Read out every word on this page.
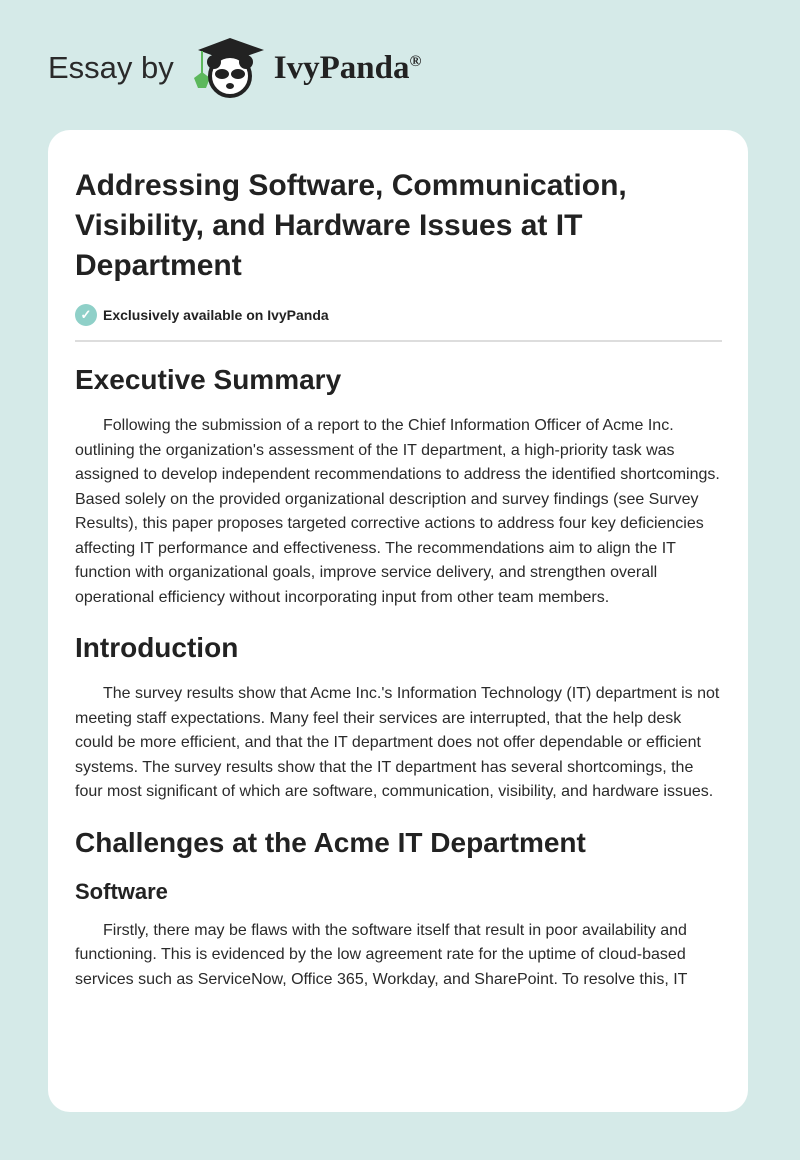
Essay by	IvyPanda®
Addressing Software, Communication, Visibility, and Hardware Issues at IT Department
✓ Exclusively available on IvyPanda
Executive Summary

Following the submission of a report to the Chief Information Officer of Acme Inc. outlining the organization's assessment of the IT department, a high-priority task was assigned to develop independent recommendations to address the identified shortcomings. Based solely on the provided organizational description and survey findings (see Survey Results), this paper proposes targeted corrective actions to address four key deficiencies affecting IT performance and effectiveness. The recommendations aim to align the IT function with organizational goals, improve service delivery, and strengthen overall operational efficiency without incorporating input from other team members.

Introduction

The survey results show that Acme Inc.'s Information Technology (IT) department is not meeting staff expectations. Many feel their services are interrupted, that the help desk could be more efficient, and that the IT department does not offer dependable or efficient systems. The survey results show that the IT department has several shortcomings, the four most significant of which are software, communication, visibility, and hardware issues.

Challenges at the Acme IT Department
Software

Firstly, there may be flaws with the software itself that result in poor availability and functioning. This is evidenced by the low agreement rate for the uptime of cloud-based services such as ServiceNow, Office 365, Workday, and SharePoint. To resolve this, IT
